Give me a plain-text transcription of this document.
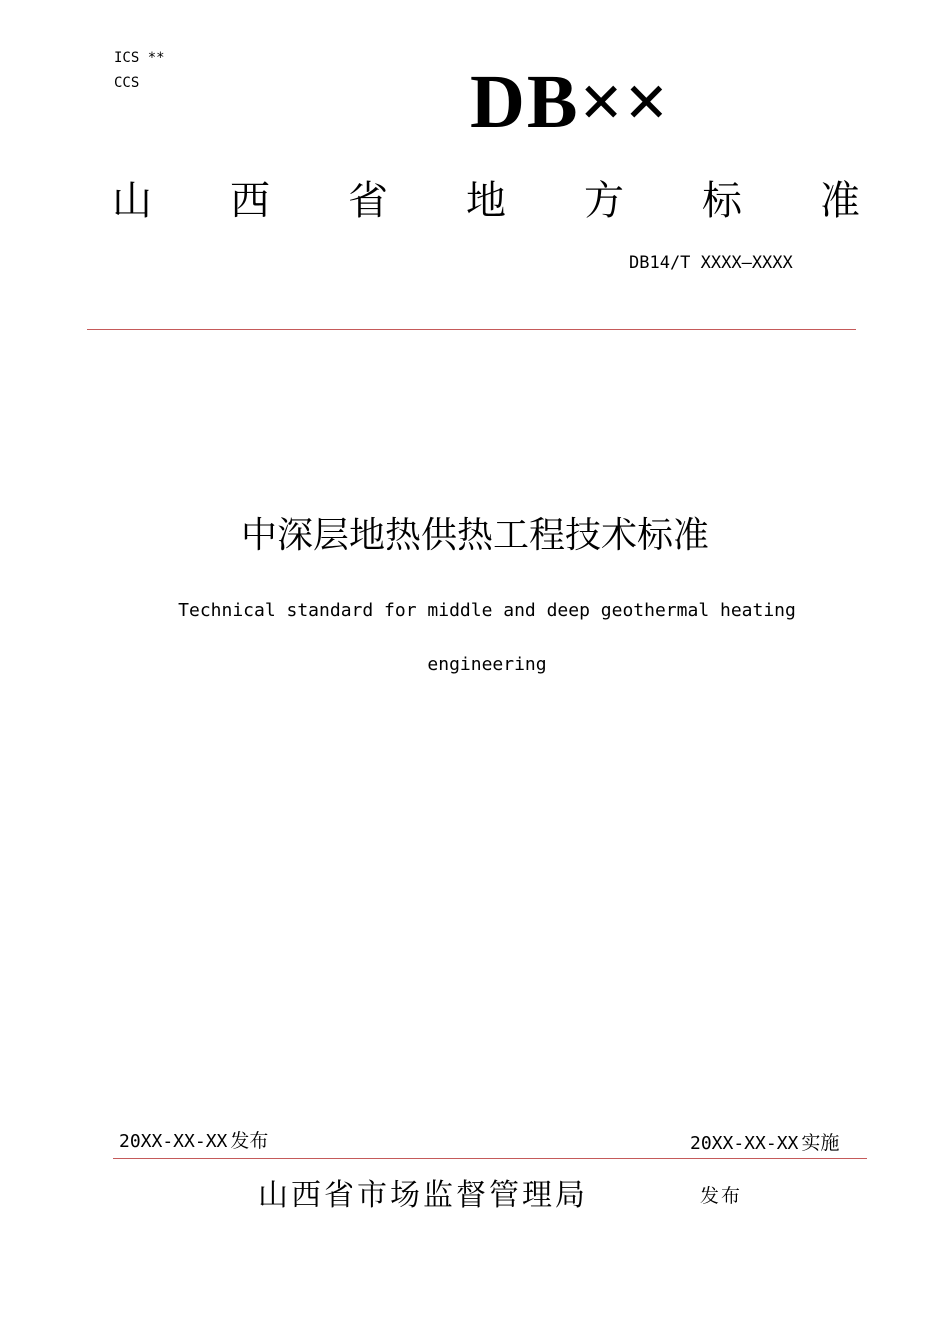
ICS **
CCS	DB××
山 西 省 地 方 标 准
DB14/T XXXX—XXXX
中深层地热供热工程技术标准
Technical standard for middle and deep geothermal heating
engineering
20XX-XX-XX 发布	20XX-XX-XX 实施
山西省市场监督管理局	发布
